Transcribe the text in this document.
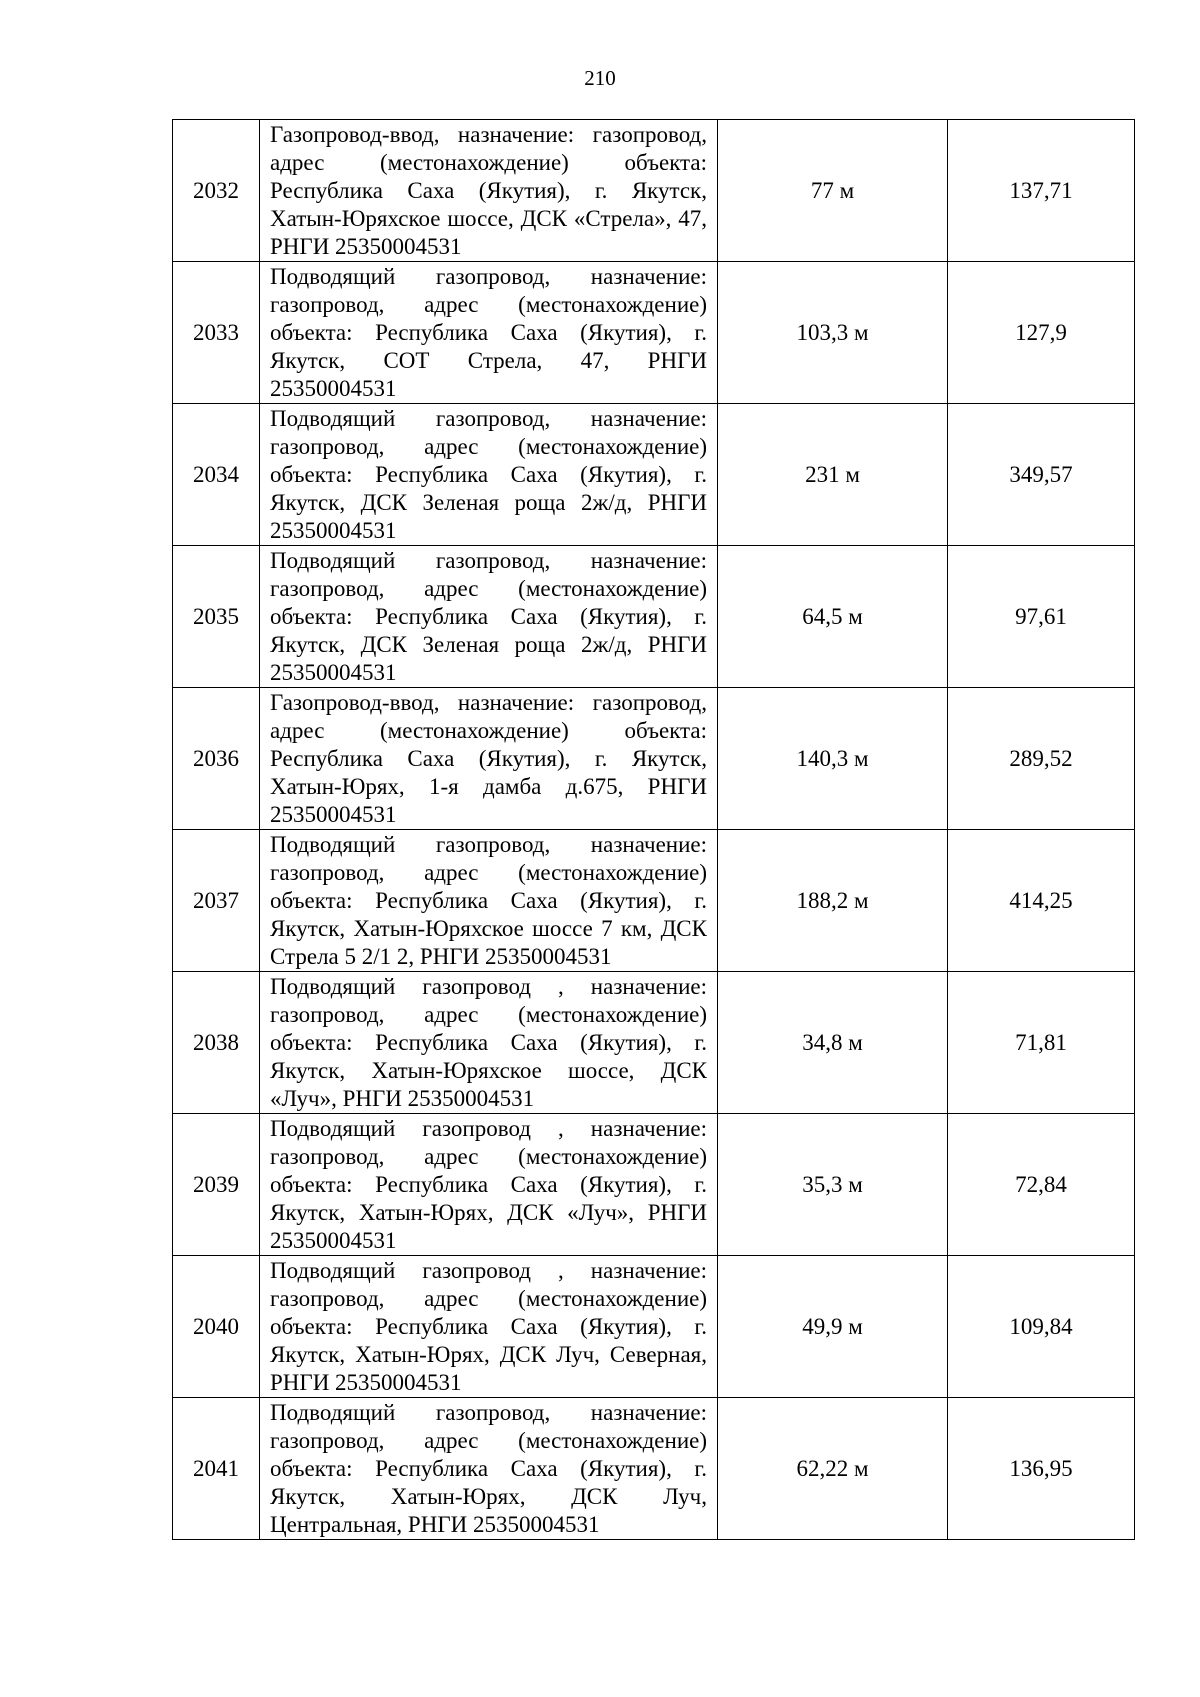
210
2032	Газопровод-ввод, назначение: газопровод, адрес (местонахождение) объекта: Республика Саха (Якутия), г. Якутск, Хатын-Юряхское шоссе, ДСК «Стрела», 47, РНГИ 25350004531	77 м	137,71
2033	Подводящий газопровод, назначение: газопровод, адрес (местонахождение) объекта: Республика Саха (Якутия), г. Якутск, СОТ Стрела, 47, РНГИ 25350004531	103,3 м	127,9
2034	Подводящий газопровод, назначение: газопровод, адрес (местонахождение) объекта: Республика Саха (Якутия), г. Якутск, ДСК Зеленая роща 2ж/д, РНГИ 25350004531	231 м	349,57
2035	Подводящий газопровод, назначение: газопровод, адрес (местонахождение) объекта: Республика Саха (Якутия), г. Якутск, ДСК Зеленая роща 2ж/д, РНГИ 25350004531	64,5 м	97,61
2036	Газопровод-ввод, назначение: газопровод, адрес (местонахождение) объекта: Республика Саха (Якутия), г. Якутск, Хатын-Юрях, 1-я дамба д.675, РНГИ 25350004531	140,3 м	289,52
2037	Подводящий газопровод, назначение: газопровод, адрес (местонахождение) объекта: Республика Саха (Якутия), г. Якутск, Хатын-Юряхское шоссе 7 км, ДСК Стрела 5 2/1 2, РНГИ 25350004531	188,2 м	414,25
2038	Подводящий газопровод , назначение: газопровод, адрес (местонахождение) объекта: Республика Саха (Якутия), г. Якутск, Хатын-Юряхское шоссе, ДСК «Луч», РНГИ 25350004531	34,8 м	71,81
2039	Подводящий газопровод , назначение: газопровод, адрес (местонахождение) объекта: Республика Саха (Якутия), г. Якутск, Хатын-Юрях, ДСК «Луч», РНГИ 25350004531	35,3 м	72,84
2040	Подводящий газопровод , назначение: газопровод, адрес (местонахождение) объекта: Республика Саха (Якутия), г. Якутск, Хатын-Юрях, ДСК Луч, Северная, РНГИ 25350004531	49,9 м	109,84
2041	Подводящий газопровод, назначение: газопровод, адрес (местонахождение) объекта: Республика Саха (Якутия), г. Якутск, Хатын-Юрях, ДСК Луч, Центральная, РНГИ 25350004531	62,22 м	136,95
